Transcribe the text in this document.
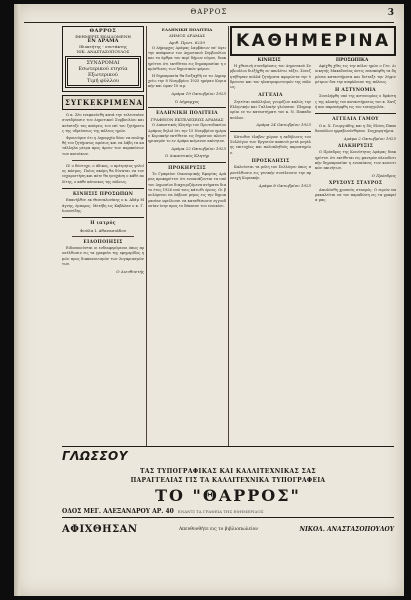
ΘΑΡΡΟΣ	3
ΘΑΡΡΟΣ
ΕΦΗΜΕΡΙΣ ΕΚΔΙΔΟΜΕΝΗ
ΕΝ ΔΡΑΜΑ
Ιδιοκτήτης - συντάκτης
ΝΙΚ. ΑΝΑΣΤΑΣΟΠΟΥΛΟΣ
ΣΥΝΔΡΟΜΑΙ
Εσωτερικού ετησία
Εξωτερικού
Τιμή φύλλου
ΣΥΓΚΕΚΡΙΜΕΝΑ

Ο κ. Ζέυ ενεφανίσθη κατά την τελευταίαν συνεδρίασιν του Δημοτικού Συμβουλίου και ανέπτυξε τας απόψεις του επί του ζητήματος της υδρεύσεως της πόλεως ημών.

Φρονούμεν ότι η Δημαρχία δέον να επιληφθή του ζητήματος αμέσως και να λάβη τα κατάλληλα μέτρα προς άρσιν των παραπόνων των κατοίκων.

Ω! ο δύστυχε, ο άδικος, ο αμέτρητος γελοίος κόσμος. Ποίος ακόμη θα δύναται να τον ευχαριστήση και πότε θα ησυχάση ο κάθε πολίτης, ο κάθε κάτοικος της πόλεως.

ΚΙΝΗΣΙΣ ΠΡΟΣΩΠΩΝ

Επανήλθεν εκ Θεσσαλονίκης ο κ. Αδάμ Μάγνης, έμπορος. Μετέβη εις Καβάλαν ο κ. Γ. Ιωαννίδης.

Η ιατρός
Φούλα Ι. Αθανασιάδου
ΕΙΔΟΠΟΙΗΣΙΣ

Ειδοποιούνται οι ενδιαφερόμενοι όπως προσέλθωσιν εις τα γραφεία της εφημερίδος ημών προς διακανονισμόν των λογαριασμών των.

Ο Διευθυντής
ΕΛΛΗΝΙΚΗ ΠΟΛΙΤΕΙΑ
ΔΗΜΟΣ ΔΡΑΜΑΣ
Αριθ. Πρωτ. 6239

Ο Δήμαρχος Δράμας λαμβάνων υπ' όψει την απόφασιν του Δημοτικού Συμβουλίου και τα άρθρα του περί δήμων νόμου, διακηρύττει ότι εκτίθεται εις δημοπρασίαν η εκμίσθωσις των δημοτικών φόρων.

Η δημοπρασία θα διεξαχθή εν τω Δημαρχείω την 8 Νοεμβρίου 1925 ημέραν Κυριακήν και ώραν 10 π.μ.

Δράμα 19 Οκτωβρίου 1925
Ο Δήμαρχος
ΕΛΛΗΝΙΚΗ ΠΟΛΙΤΕΙΑ
ΓΡΑΦΕΙΟΝ ΕΚΤΕΛΕΣΕΩΣ ΔΡΑΜΑΣ

Ο Δικαστικός Κλητήρ του Πρωτοδικείου Δράμας δηλοί ότι την 15 Νοεμβρίου ημέραν Κυριακήν εκτίθεται εις δημόσιον πλειστηριασμόν το εν Δράμα κείμενον ακίνητον.

Δράμα 22 Ωκτωβρίου 1925
Ο Δικαστικός Κλητήρ
ΠΡΟΚΗΡΥΞΙΣ

Το Γραφείον Οικονομικής Εφορίας Δράμας προκηρύττει ότι ενοικιάζονται τα υπό του Δημοσίου διαχειριζόμενα κτήματα δια το έτος 1926 υπό τους κάτωθι όρους. Οι βουλόμενοι να λάβωσι μέρος εις την δημοπρασίαν οφείλουσι να καταθέσωσιν εγγυοδοσίαν ίσην προς το δέκατον του ενοικίου.

ΚΑΘΗΜΕΡΙΝΑ
ΚΙΝΗΣΙΣ	ΠΡΟΣΩΠΙΚΑ

Η χθεσινή συνεδρίασις του Δημοτικού Συμβουλίου διεξήχθη εν απολύτω τάξει. Συνεζητήθησαν πολλά ζητήματα αφορώντα την ύδρευσιν και τον ηλεκτροφωτισμόν της πόλεως.

ΑΓΓΕΛΙΑ

Ζητείται υπάλληλος γνωρίζων καλώς την Ελληνικήν και Γαλλικήν γλώσσαν. Πληροφορίαι εν τω καταστήματι του κ. Ν. Παπαδοπούλου.

Δράμα 24 Οκτωβρίου 1925

Κάτωθεν έλαβεν χώραν η εκδήλωσις του Συλλόγου των Εργατών καπνού μετά μεγάλης επιτυχίας και πολυπληθούς ακροατηρίου.

ΠΡΟΣΚΛΗΣΙΣ

Καλούνται τα μέλη του Συλλόγου όπως προσέλθωσιν εις γενικήν συνέλευσιν την προσεχή Κυριακήν.

Δράμα 8 Οκτωβρίου 1925

Αφίχθη χθες εις την πόλιν ημών ο Γεν. Διοικητής Μακεδονίας όστις επεσκέφθη τα δημόσια καταστήματα και διέταξε την λήψιν μέτρων δια την ασφάλειαν της πόλεως.

Η ΑΣΤΥΝΟΜΙΑ

Συνελήφθη υπό της αστυνομίας ο δράστης της κλοπής του καταστήματος του κ. Χατζή και παρεπέμφθη εις τον εισαγγελέα.

ΑΓΓΕΛΙΑ ΓΑΜΟΥ

Ο κ. Χ. Γεωργιάδης και η δίς Ελένη Παπαδοπούλου ηρραβωνίσθησαν. Συγχαρητήρια.

Δράμα 2 Οκτωβρίου 1925
ΔΙΑΚΗΡΥΞΙΣ

Ο Πρόεδρος της Κοινότητος Δράμας διακηρύττει ότι εκτίθεται εις φανερόν πλειοδοτικήν δημοπρασίαν η ενοικίασις των κοινοτικών ακινήτων.

Ο Πρόεδρος
ΧΡΥΣΟΥΣ ΣΤΑΥΡΟΣ

Απωλέσθη χρυσούς σταυρός. Ο ευρών παρακαλείται να τον παραδώση εις τα γραφεία μας.

ΓΛΩΣΣΟΥ
ΤΑΣ ΤΥΠΟΓΡΑΦΙΚΑΣ ΚΑΙ ΚΑΛΛΙΤΕΧΝΙΚΑΣ ΣΑΣ
ΠΑΡΑΓΓΕΛΙΑΣ ΓΙΣ ΤΑ ΚΑΛΛΙΤΕΧΝΙΚΑ ΤΥΠΟΓΡΑΦΕΙΑ
ΤΟ "ΘΑΡΡΟΣ"
ΟΔΟΣ ΜΕΓ. ΑΛΕΞΑΝΔΡΟΥ ΑΡ. 40 ΕΝΑΝΤΙ ΤΑ ΓΡΑΦΕΙΑ ΤΗΣ ΕΦΗΜΕΡΙΔΟΣ
ΑΦΙΧΘΗΣΑΝ	Απευθυνθήτε εις το βιβλιοπωλείον	ΝΙΚΟΛ. ΑΝΑΣΤΑΣΟΠΟΥΛΟΥ
